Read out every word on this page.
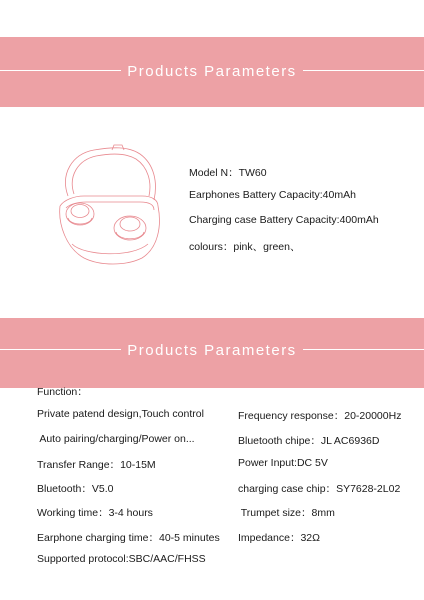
Products Parameters
Model N：TW60
Earphones Battery Capacity:40mAh
Charging case Battery Capacity:400mAh
colours：pink、green、
Products Parameters
Function：
Private patend design,Touch control
Auto pairing/charging/Power on...
Transfer Range：10-15M
Bluetooth：V5.0
Working time：3-4 hours
Earphone charging time：40-5 minutes
Supported protocol:SBC/AAC/FHSS
Frequency response：20-20000Hz
Bluetooth chipe：JL AC6936D
Power Input:DC 5V
charging case chip：SY7628-2L02
Trumpet size：8mm
Impedance：32Ω
